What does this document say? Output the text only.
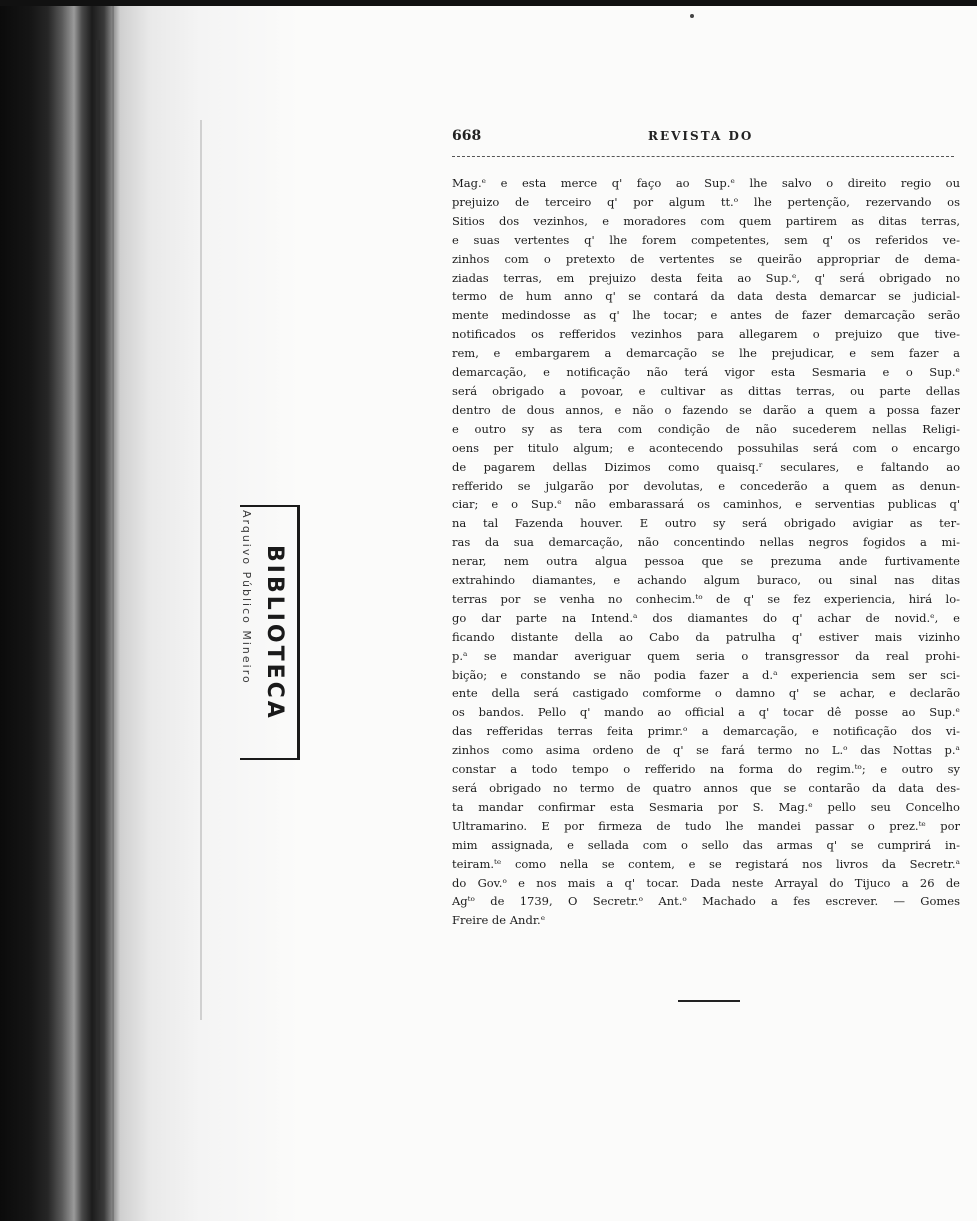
Arquivo Público Mineiro BIBLIOTECA
668	REVISTA DO
Mag.ᵉ e esta merce q' faço ao Sup.ᵉ lhe salvo o direito regio ou
prejuizo de terceiro q' por algum tt.ᵒ lhe pertenção, rezervando os
Sitios dos vezinhos, e moradores com quem partirem as ditas terras,
e suas vertentes q' lhe forem competentes, sem q' os referidos ve-
zinhos com o pretexto de vertentes se queirão appropriar de dema-
ziadas terras, em prejuizo desta feita ao Sup.ᵉ, q' será obrigado no
termo de hum anno q' se contará da data desta demarcar se judicial-
mente medindosse as q' lhe tocar; e antes de fazer demarcação serão
notificados os refferidos vezinhos para allegarem o prejuizo que tive-
rem, e embargarem a demarcação se lhe prejudicar, e sem fazer a
demarcação, e notificação não terá vigor esta Sesmaria e o Sup.ᵉ
será obrigado a povoar, e cultivar as dittas terras, ou parte dellas
dentro de dous annos, e não o fazendo se darão a quem a possa fazer
e outro sy as tera com condição de não sucederem nellas Religi-
oens per titulo algum; e acontecendo possuhilas será com o encargo
de pagarem dellas Dizimos como quaisq.ʳ seculares, e faltando ao
refferido se julgarão por devolutas, e concederão a quem as denun-
ciar; e o Sup.ᵉ não embarassará os caminhos, e serventias publicas q'
na tal Fazenda houver. E outro sy será obrigado avigiar as ter-
ras da sua demarcação, não concentindo nellas negros fogidos a mi-
nerar, nem outra algua pessoa que se prezuma ande furtivamente
extrahindo diamantes, e achando algum buraco, ou sinal nas ditas
terras por se venha no conhecim.ᵗᵒ de q' se fez experiencia, hirá lo-
go dar parte na Intend.ᵃ dos diamantes do q' achar de novid.ᵉ, e
ficando distante della ao Cabo da patrulha q' estiver mais vizinho
p.ᵃ se mandar averiguar quem seria o transgressor da real prohi-
bição; e constando se não podia fazer a d.ᵃ experiencia sem ser sci-
ente della será castigado comforme o damno q' se achar, e declarão
os bandos. Pello q' mando ao official a q' tocar dê posse ao Sup.ᵉ
das refferidas terras feita primr.ᵒ a demarcação, e notificação dos vi-
zinhos como asima ordeno de q' se fará termo no L.ᵒ das Nottas p.ᵃ
constar a todo tempo o refferido na forma do regim.ᵗᵒ; e outro sy
será obrigado no termo de quatro annos que se contarão da data des-
ta mandar confirmar esta Sesmaria por S. Mag.ᵉ pello seu Concelho
Ultramarino. E por firmeza de tudo lhe mandei passar o prez.ᵗᵉ por
mim assignada, e sellada com o sello das armas q' se cumprirá in-
teiram.ᵗᵉ como nella se contem, e se registará nos livros da Secretr.ᵃ
do Gov.ᵒ e nos mais a q' tocar. Dada neste Arrayal do Tijuco a 26 de
Agᵗᵒ de 1739, O Secretr.ᵒ Ant.ᵒ Machado a fes escrever. — Gomes
Freire de Andr.ᵉ
